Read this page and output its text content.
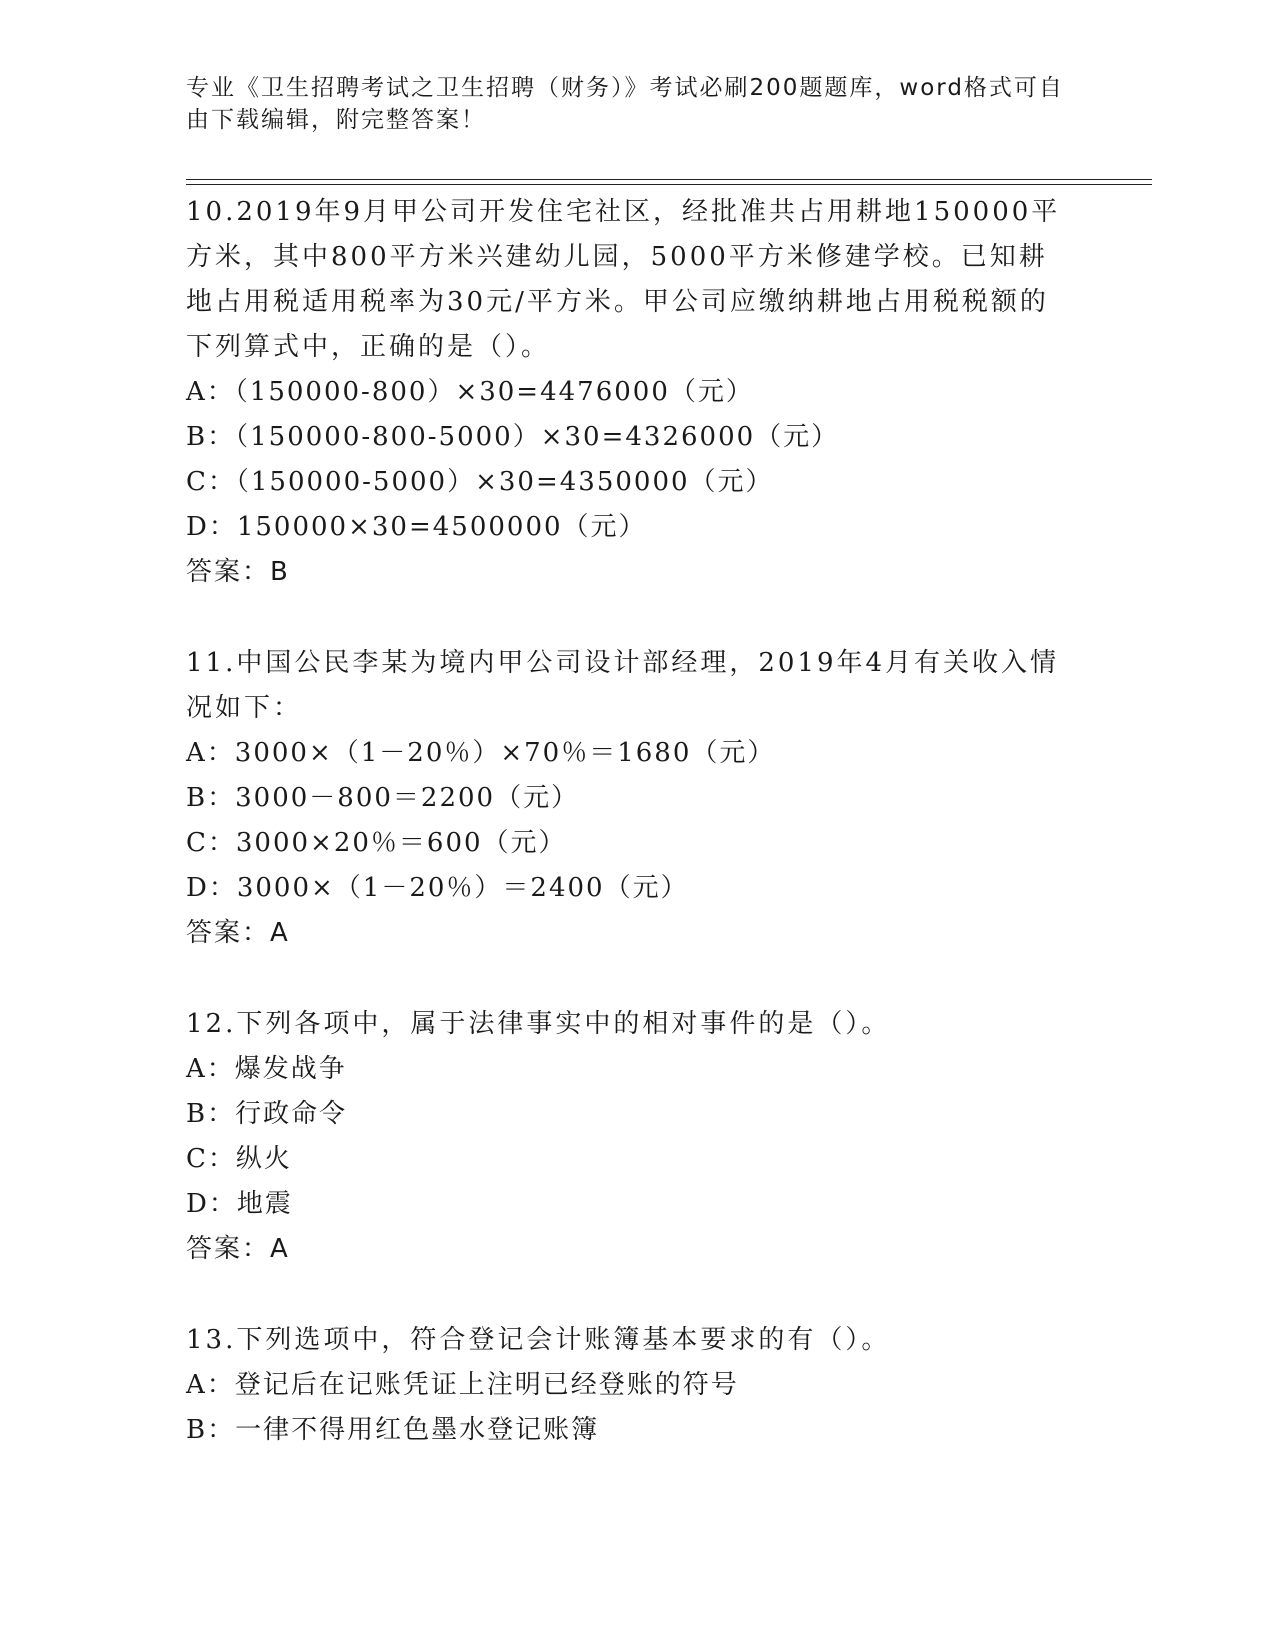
专业《卫生招聘考试之卫生招聘（财务）》考试必刷200题题库，word格式可自由下载编辑，附完整答案！
10.2019年9月甲公司开发住宅社区，经批准共占用耕地150000平方米，其中800平方米兴建幼儿园，5000平方米修建学校。已知耕地占用税适用税率为30元/平方米。甲公司应缴纳耕地占用税税额的下列算式中，正确的是（）。
A：（150000-800）×30=4476000（元）
B：（150000-800-5000）×30=4326000（元）
C：（150000-5000）×30=4350000（元）
D：150000×30=4500000（元）
答案：B
11.中国公民李某为境内甲公司设计部经理，2019年4月有关收入情况如下：
A：3000×（1－20％）×70％＝1680（元）
B：3000－800＝2200（元）
C：3000×20％＝600（元）
D：3000×（1－20％）＝2400（元）
答案：A
12.下列各项中，属于法律事实中的相对事件的是（）。
A：爆发战争
B：行政命令
C：纵火
D：地震
答案：A
13.下列选项中，符合登记会计账簿基本要求的有（）。
A：登记后在记账凭证上注明已经登账的符号
B：一律不得用红色墨水登记账簿
